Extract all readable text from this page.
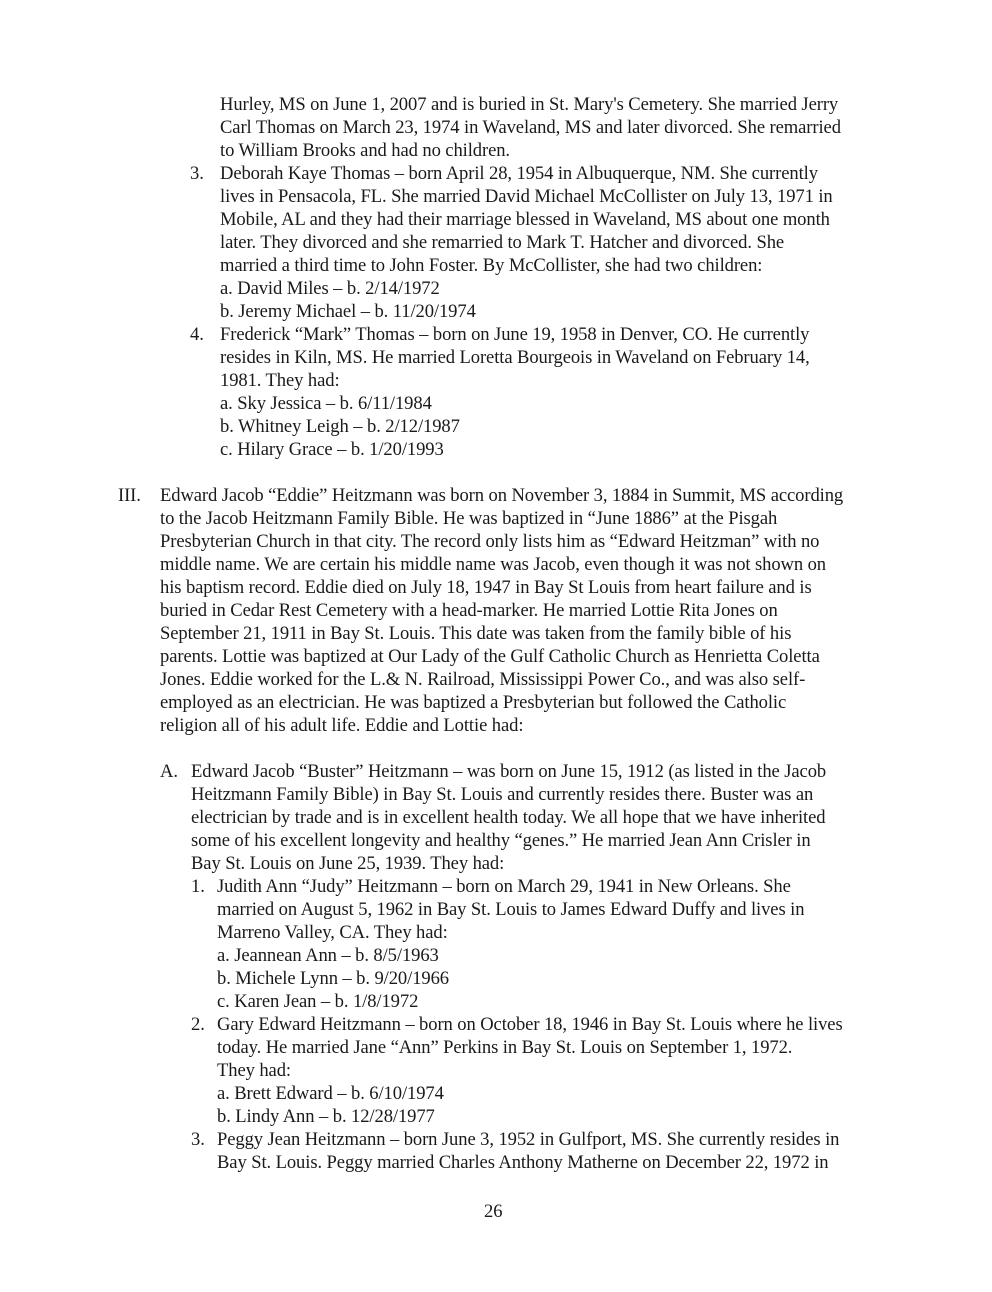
Hurley, MS on June 1, 2007 and is buried in St. Mary's Cemetery. She married Jerry
Carl Thomas on March 23, 1974 in Waveland, MS and later divorced. She remarried
to William Brooks and had no children.
3. Deborah Kaye Thomas – born April 28, 1954 in Albuquerque, NM. She currently
lives in Pensacola, FL. She married David Michael McCollister on July 13, 1971 in
Mobile, AL and they had their marriage blessed in Waveland, MS about one month
later. They divorced and she remarried to Mark T. Hatcher and divorced. She
married a third time to John Foster. By McCollister, she had two children:
a. David Miles – b. 2/14/1972
b. Jeremy Michael – b. 11/20/1974
4. Frederick “Mark” Thomas – born on June 19, 1958 in Denver, CO. He currently
resides in Kiln, MS. He married Loretta Bourgeois in Waveland on February 14,
1981. They had:
a. Sky Jessica – b. 6/11/1984
b. Whitney Leigh – b. 2/12/1987
c. Hilary Grace – b. 1/20/1993
III. Edward Jacob “Eddie” Heitzmann was born on November 3, 1884 in Summit, MS according
to the Jacob Heitzmann Family Bible. He was baptized in “June 1886” at the Pisgah
Presbyterian Church in that city. The record only lists him as “Edward Heitzman” with no
middle name. We are certain his middle name was Jacob, even though it was not shown on
his baptism record. Eddie died on July 18, 1947 in Bay St Louis from heart failure and is
buried in Cedar Rest Cemetery with a head-marker. He married Lottie Rita Jones on
September 21, 1911 in Bay St. Louis. This date was taken from the family bible of his
parents. Lottie was baptized at Our Lady of the Gulf Catholic Church as Henrietta Coletta
Jones. Eddie worked for the L.& N. Railroad, Mississippi Power Co., and was also self-
employed as an electrician. He was baptized a Presbyterian but followed the Catholic
religion all of his adult life. Eddie and Lottie had:
A. Edward Jacob “Buster” Heitzmann – was born on June 15, 1912 (as listed in the Jacob
Heitzmann Family Bible) in Bay St. Louis and currently resides there. Buster was an
electrician by trade and is in excellent health today. We all hope that we have inherited
some of his excellent longevity and healthy “genes.” He married Jean Ann Crisler in
Bay St. Louis on June 25, 1939. They had:
1. Judith Ann “Judy” Heitzmann – born on March 29, 1941 in New Orleans. She
married on August 5, 1962 in Bay St. Louis to James Edward Duffy and lives in
Marreno Valley, CA. They had:
a. Jeannean Ann – b. 8/5/1963
b. Michele Lynn – b. 9/20/1966
c. Karen Jean – b. 1/8/1972
2. Gary Edward Heitzmann – born on October 18, 1946 in Bay St. Louis where he lives
today. He married Jane “Ann” Perkins in Bay St. Louis on September 1, 1972.
They had:
a. Brett Edward – b. 6/10/1974
b. Lindy Ann – b. 12/28/1977
3. Peggy Jean Heitzmann – born June 3, 1952 in Gulfport, MS. She currently resides in
Bay St. Louis. Peggy married Charles Anthony Matherne on December 22, 1972 in
26
